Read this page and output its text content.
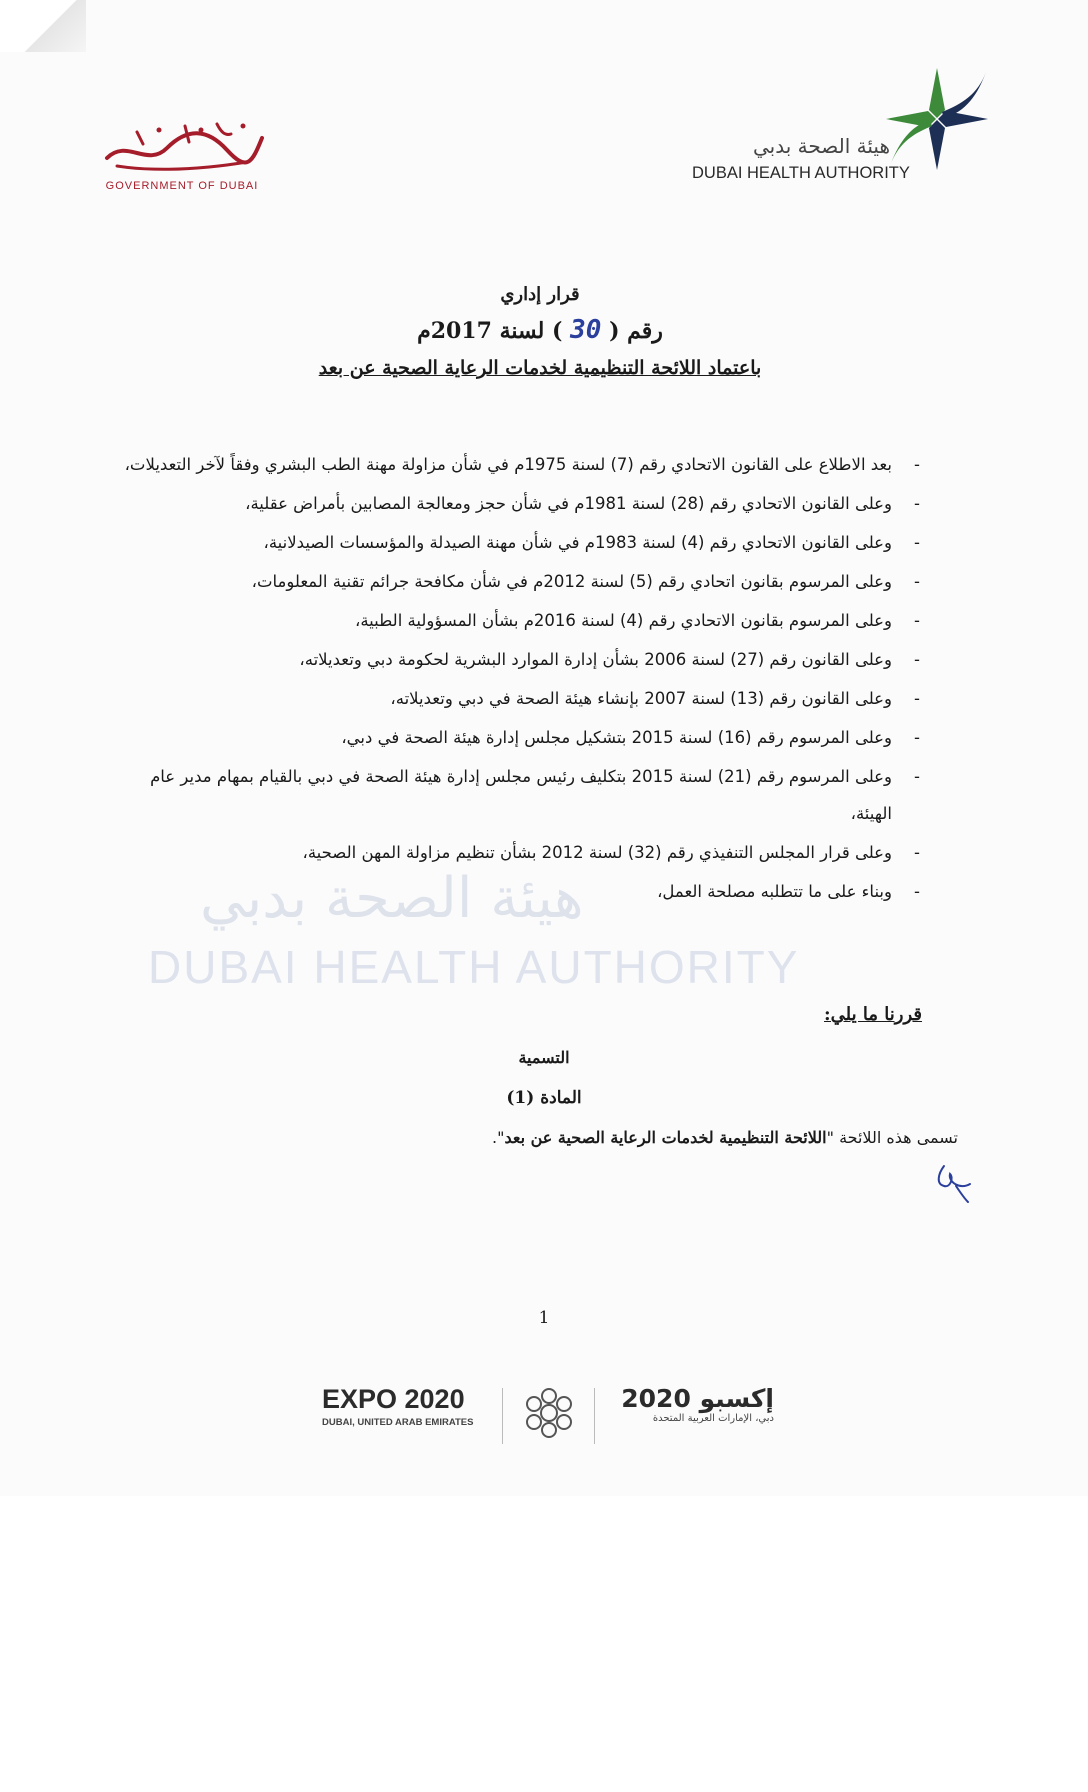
GOVERNMENT OF DUBAI
هيئة الصحة بدبي
DUBAI HEALTH AUTHORITY
هيئة الصحة بدبي
DUBAI HEALTH AUTHORITY
قرار إداري
رقم ( 30 ) لسنة 2017م
باعتماد اللائحة التنظيمية لخدمات الرعاية الصحية عن بعد
- بعد الاطلاع على القانون الاتحادي رقم (7) لسنة 1975م في شأن مزاولة مهنة الطب البشري وفقاً لآخر التعديلات،
- وعلى القانون الاتحادي رقم (28) لسنة 1981م في شأن حجز ومعالجة المصابين بأمراض عقلية،
- وعلى القانون الاتحادي رقم (4) لسنة 1983م في شأن مهنة الصيدلة والمؤسسات الصيدلانية،
- وعلى المرسوم بقانون اتحادي رقم (5) لسنة 2012م في شأن مكافحة جرائم تقنية المعلومات،
- وعلى المرسوم بقانون الاتحادي رقم (4) لسنة 2016م بشأن المسؤولية الطبية،
- وعلى القانون رقم (27) لسنة 2006 بشأن إدارة الموارد البشرية لحكومة دبي وتعديلاته،
- وعلى القانون رقم (13) لسنة 2007 بإنشاء هيئة الصحة في دبي وتعديلاته،
- وعلى المرسوم رقم (16) لسنة 2015 بتشكيل مجلس إدارة هيئة الصحة في دبي،
- وعلى المرسوم رقم (21) لسنة 2015 بتكليف رئيس مجلس إدارة هيئة الصحة في دبي بالقيام بمهام مدير عام الهيئة،
- وعلى قرار المجلس التنفيذي رقم (32) لسنة 2012 بشأن تنظيم مزاولة المهن الصحية،
- وبناء على ما تتطلبه مصلحة العمل،
قررنا ما يلي:
التسمية
المادة (1)
تسمى هذه اللائحة "اللائحة التنظيمية لخدمات الرعاية الصحية عن بعد".
1
EXPO 2020
DUBAI, UNITED ARAB EMIRATES
إكسبو 2020
دبي، الإمارات العربية المتحدة
